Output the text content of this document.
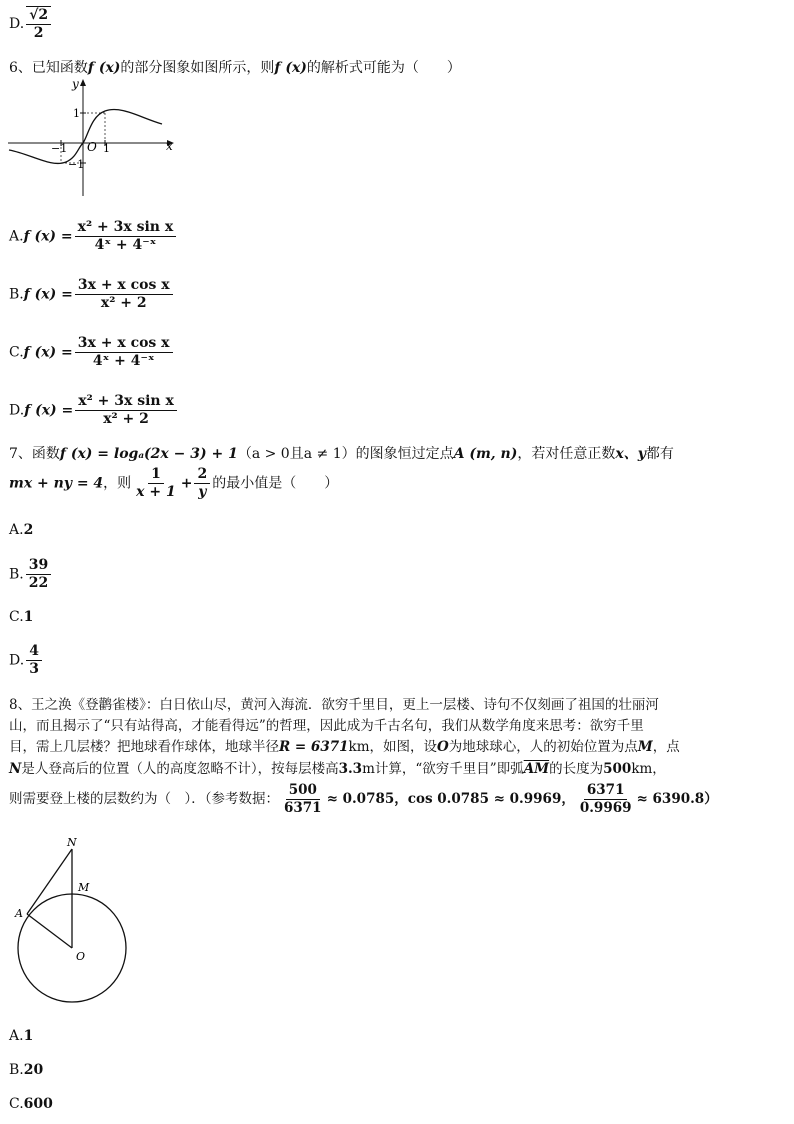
D. $\frac{√2}{2}$
6、已知函数f (x)的部分图象如图所示，则f (x)的解析式可能为（　　）
y
x
O 1
−1
1
−1
A.f $(x) = \frac{\text{x² + 3x sin x}}{\text{4ˣ + 4⁻ˣ}}$
B.f $(x) = \frac{\text{3x + x cos x}}{\text{x² + 2}}$
C.f $(x) = \frac{\text{3x + x cos x}}{\text{4ˣ + 4⁻ˣ}}$
D.f $(x) = \frac{\text{x² + 3x sin x}}{\text{x² + 2}}$
7、函数f (x) = logₐ(2x − 3) + 1（a > 0且a ≠ 1）的图象恒过定点A (m, n)，若对任意正数x、y都有
mx + ny = 4，则 $\frac{1}{x + 1} + \frac{2}{y}$ 的最小值是（　　）
A.2
B. $\frac{39}{22}$
C.1
D. $\frac{4}{3}$
8、王之涣《登鹳雀楼》：白日依山尽，黄河入海流．欲穷千里目，更上一层楼、诗句不仅刻画了祖国的壮丽河
山，而且揭示了“只有站得高，才能看得远”的哲理，因此成为千古名句，我们从数学角度来思考：欲穷千里
目，需上几层楼？把地球看作球体，地球半径R = 6371km，如图，设O为地球球心，人的初始位置为点M，点
N是人登高后的位置（人的高度忽略不计），按每层楼高3.3m计算，“欲穷千里目”即弧$\overline{AM}$的长度为500km，
则需要登上楼的层数约为（　）．（参考数据： $\frac{500}{6371} \approx 0.0785$，cos 0.0785 ≈ 0.9969， $\frac{6371}{0.9969} \approx 6390.8$）
N
M
A
O
A.1
B.20
C.600
